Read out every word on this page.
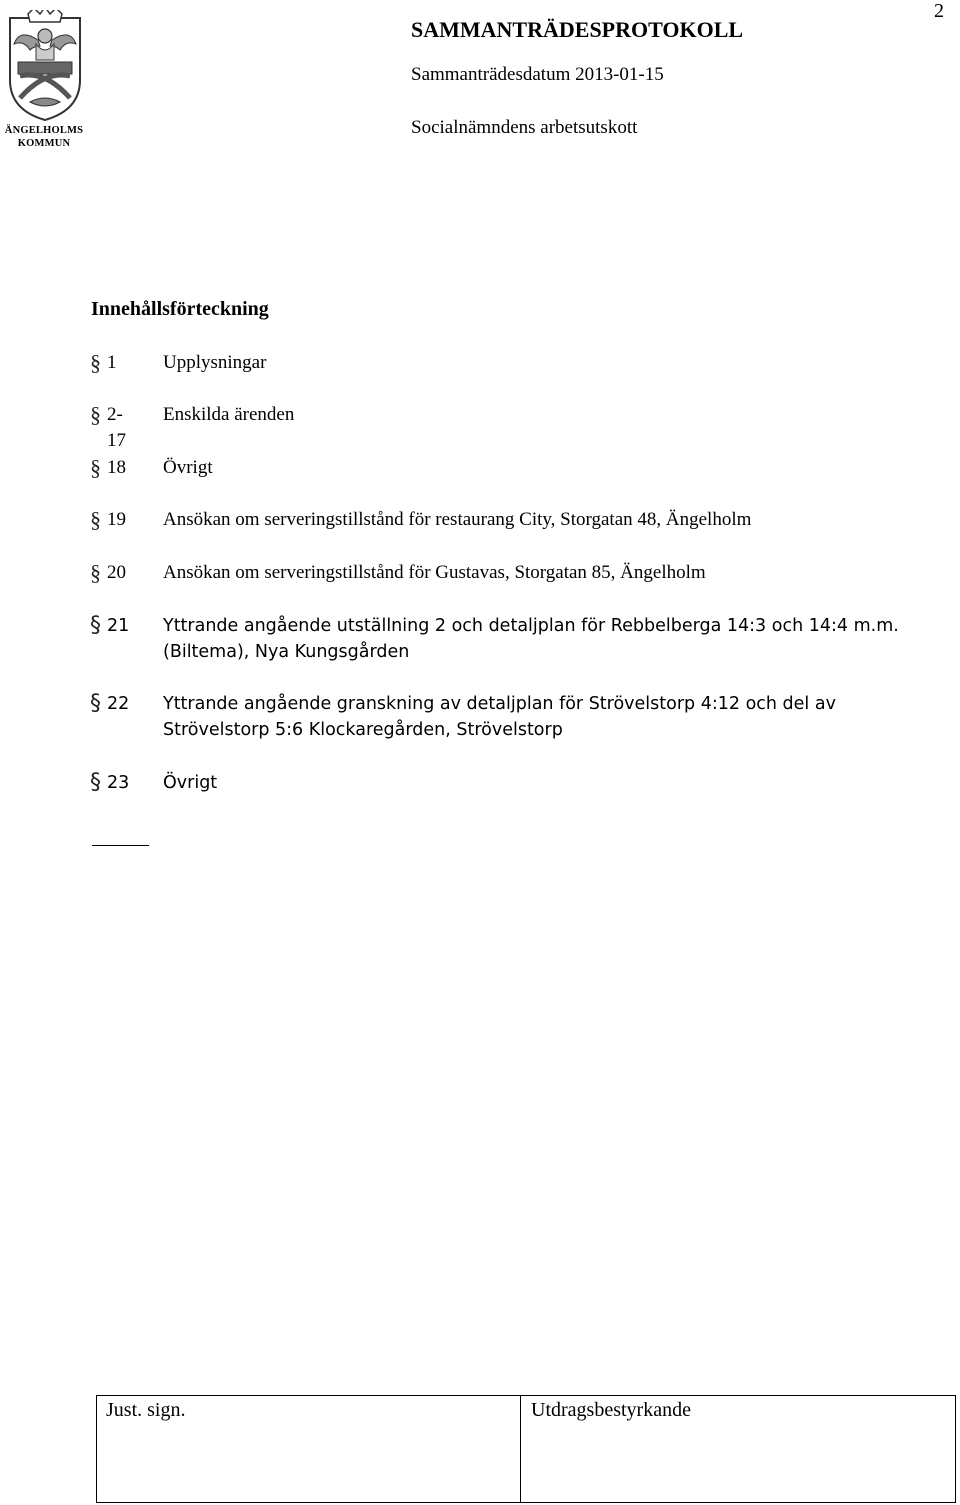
2
ÄNGELHOLMS
KOMMUN
SAMMANTRÄDESPROTOKOLL
Sammanträdesdatum 2013-01-15
Socialnämndens arbetsutskott
Innehållsförteckning
§ 1 Upplysningar
§ 2-17
Enskilda ärenden
§ 18 Övrigt
§ 19 Ansökan om serveringstillstånd för restaurang City, Storgatan 48, Ängelholm
§ 20 Ansökan om serveringstillstånd för Gustavas, Storgatan 85, Ängelholm
§ 21 Yttrande angående utställning 2 och detaljplan för Rebbelberga 14:3 och 14:4 m.m. (Biltema), Nya Kungsgården
§ 22 Yttrande angående granskning av detaljplan för Strövelstorp 4:12 och del av Strövelstorp 5:6 Klockaregården, Strövelstorp
§ 23 Övrigt
Just. sign.	Utdragsbestyrkande
